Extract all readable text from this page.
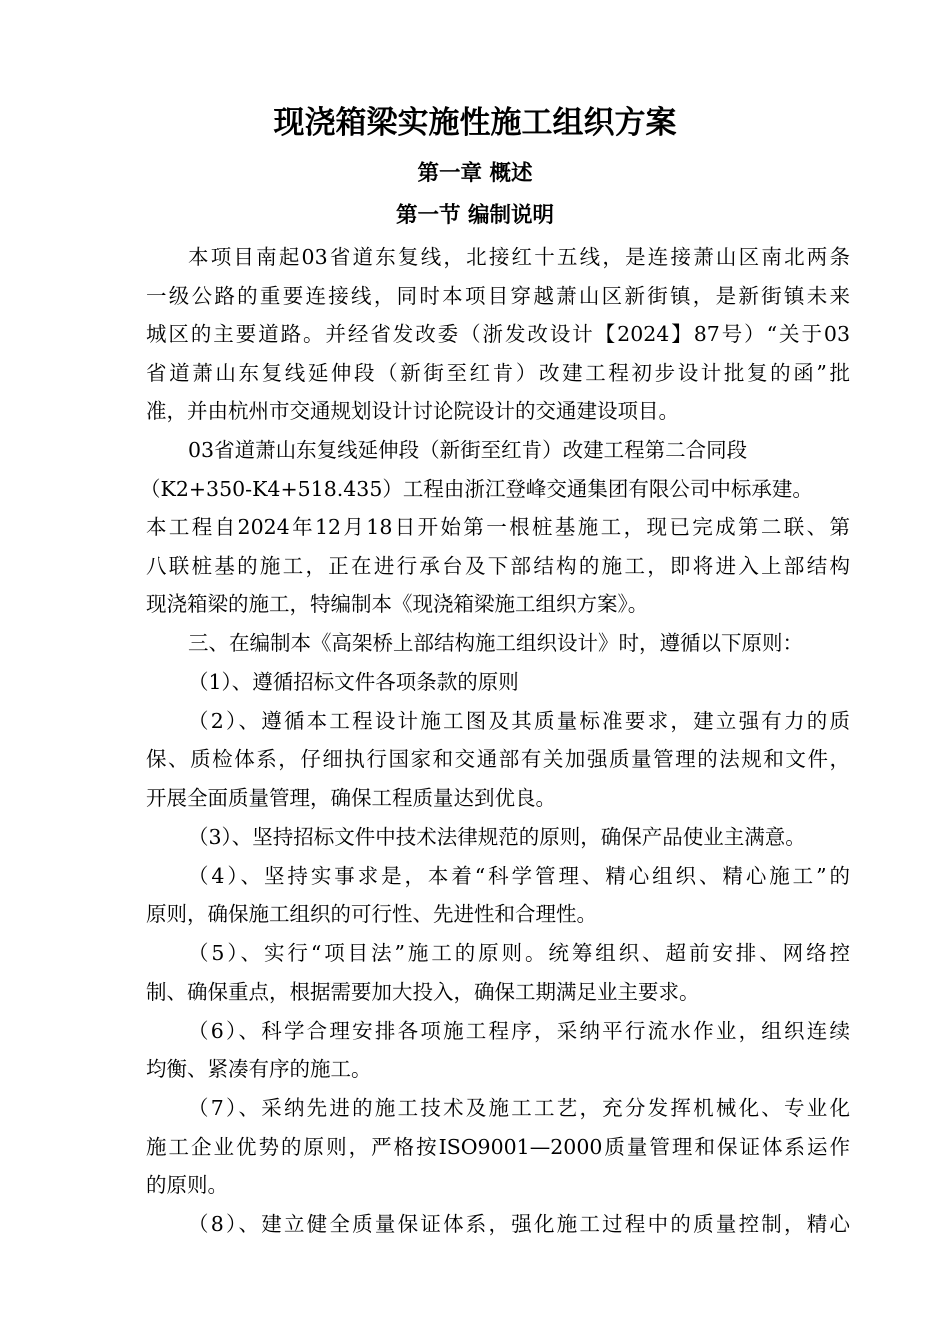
现浇箱梁实施性施工组织方案
第一章 概述
第一节 编制说明
本项目南起03省道东复线，北接红十五线，是连接萧山区南北两条
一级公路的重要连接线，同时本项目穿越萧山区新街镇，是新街镇未来
城区的主要道路。并经省发改委（浙发改设计【2024】87号）“关于03
省道萧山东复线延伸段（新街至红肯）改建工程初步设计批复的函”批
准，并由杭州市交通规划设计讨论院设计的交通建设项目。
03省道萧山东复线延伸段（新街至红肯）改建工程第二合同段
（K2+350-K4+518.435）工程由浙江登峰交通集团有限公司中标承建。
本工程自2024年12月18日开始第一根桩基施工，现已完成第二联、第
八联桩基的施工，正在进行承台及下部结构的施工，即将进入上部结构
现浇箱梁的施工，特编制本《现浇箱梁施工组织方案》。
三、在编制本《高架桥上部结构施工组织设计》时，遵循以下原则：
（1）、遵循招标文件各项条款的原则
（2）、遵循本工程设计施工图及其质量标准要求，建立强有力的质
保、质检体系，仔细执行国家和交通部有关加强质量管理的法规和文件，
开展全面质量管理，确保工程质量达到优良。
（3）、坚持招标文件中技术法律规范的原则，确保产品使业主满意。
（4）、坚持实事求是，本着“科学管理、精心组织、精心施工”的
原则，确保施工组织的可行性、先进性和合理性。
（5）、实行“项目法”施工的原则。统筹组织、超前安排、网络控
制、确保重点，根据需要加大投入，确保工期满足业主要求。
（6）、科学合理安排各项施工程序，采纳平行流水作业，组织连续
均衡、紧凑有序的施工。
（7）、采纳先进的施工技术及施工工艺，充分发挥机械化、专业化
施工企业优势的原则，严格按ISO9001—2000质量管理和保证体系运作
的原则。
（8）、建立健全质量保证体系，强化施工过程中的质量控制，精心
